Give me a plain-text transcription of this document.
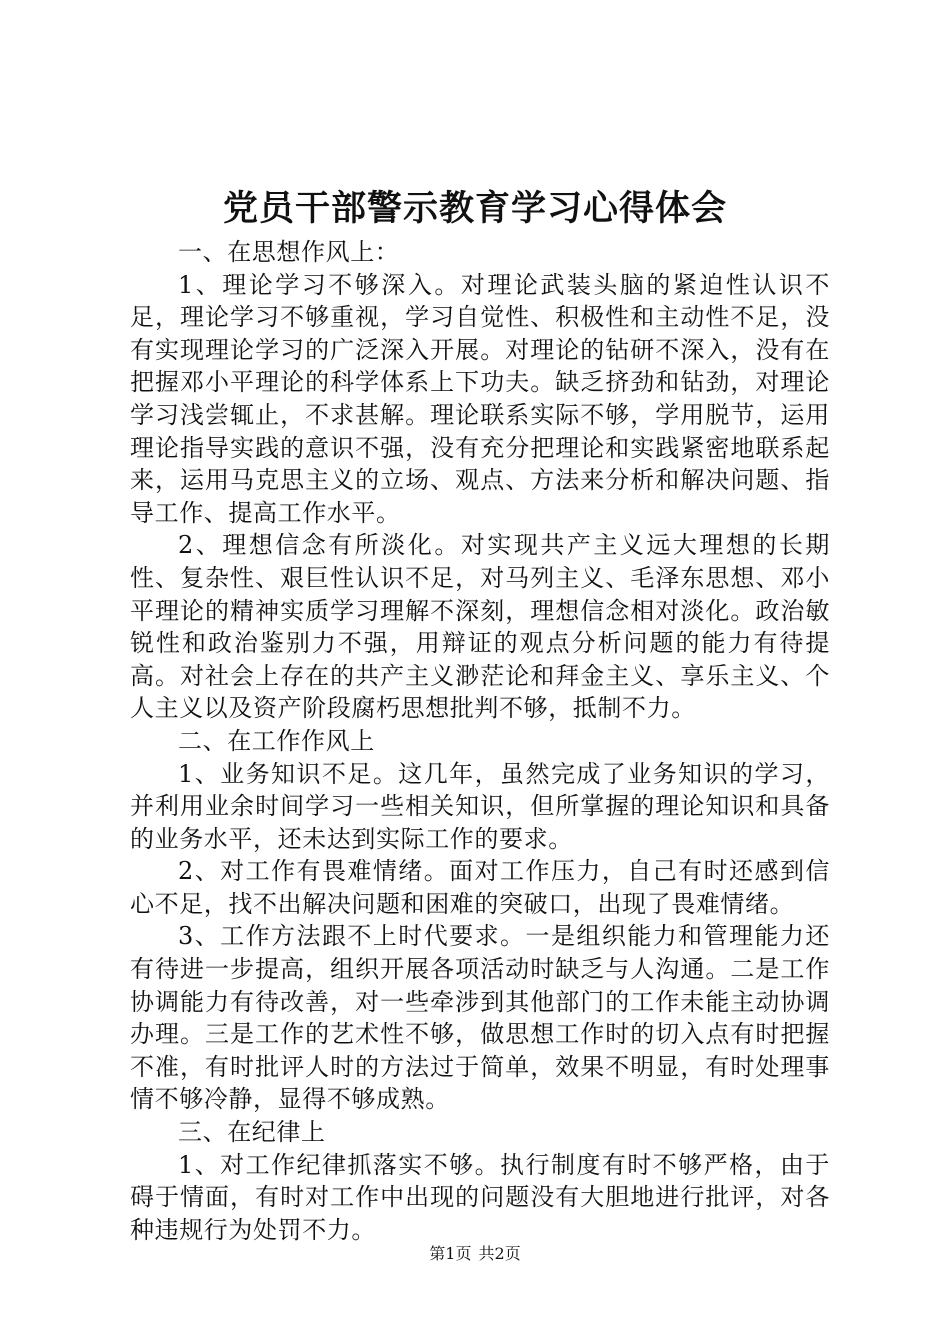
党员干部警示教育学习心得体会

一、在思想作风上：

1、理论学习不够深入。对理论武装头脑的紧迫性认识不足，理论学习不够重视，学习自觉性、积极性和主动性不足，没有实现理论学习的广泛深入开展。对理论的钻研不深入，没有在把握邓小平理论的科学体系上下功夫。缺乏挤劲和钻劲，对理论学习浅尝辄止，不求甚解。理论联系实际不够，学用脱节，运用理论指导实践的意识不强，没有充分把理论和实践紧密地联系起来，运用马克思主义的立场、观点、方法来分析和解决问题、指导工作、提高工作水平。

2、理想信念有所淡化。对实现共产主义远大理想的长期性、复杂性、艰巨性认识不足，对马列主义、毛泽东思想、邓小平理论的精神实质学习理解不深刻，理想信念相对淡化。政治敏锐性和政治鉴别力不强，用辩证的观点分析问题的能力有待提高。对社会上存在的共产主义渺茫论和拜金主义、享乐主义、个人主义以及资产阶段腐朽思想批判不够，抵制不力。

二、在工作作风上

1、业务知识不足。这几年，虽然完成了业务知识的学习，并利用业余时间学习一些相关知识，但所掌握的理论知识和具备的业务水平，还未达到实际工作的要求。

2、对工作有畏难情绪。面对工作压力，自己有时还感到信心不足，找不出解决问题和困难的突破口，出现了畏难情绪。

3、工作方法跟不上时代要求。一是组织能力和管理能力还有待进一步提高，组织开展各项活动时缺乏与人沟通。二是工作协调能力有待改善，对一些牵涉到其他部门的工作未能主动协调办理。三是工作的艺术性不够，做思想工作时的切入点有时把握不准，有时批评人时的方法过于简单，效果不明显，有时处理事情不够冷静，显得不够成熟。

三、在纪律上

1、对工作纪律抓落实不够。执行制度有时不够严格，由于碍于情面，有时对工作中出现的问题没有大胆地进行批评，对各种违规行为处罚不力。

第1页 共2页
